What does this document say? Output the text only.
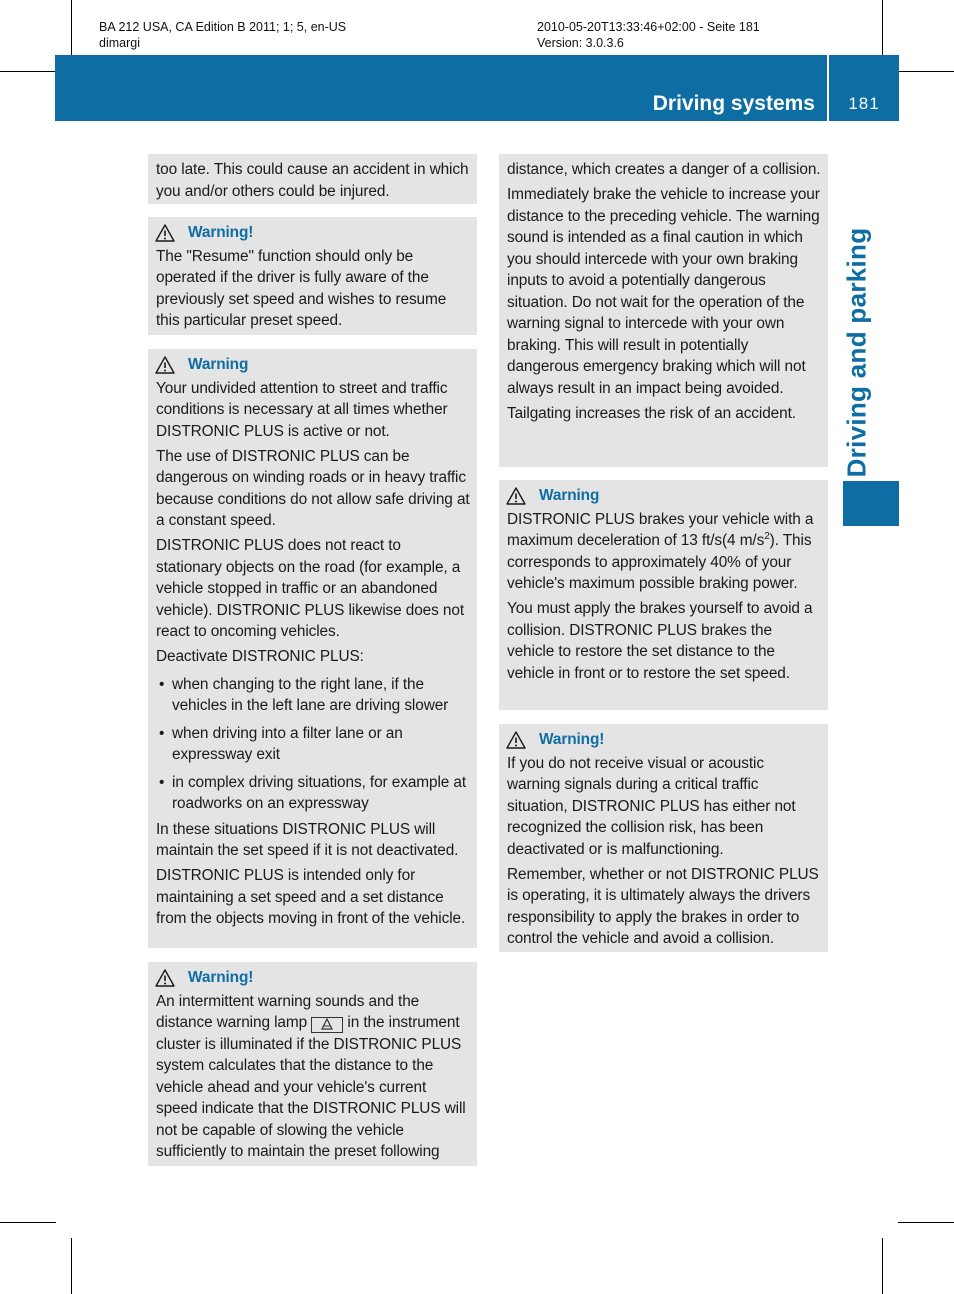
BA 212 USA, CA Edition B 2011; 1; 5, en-US
dimargi
2010-05-20T13:33:46+02:00 - Seite 181
Version: 3.0.3.6
Driving systems	181
Driving and parking

too late. This could cause an accident in which you and/or others could be injured.

Warning!

The "Resume" function should only be operated if the driver is fully aware of the previously set speed and wishes to resume this particular preset speed.

Warning

Your undivided attention to street and traffic conditions is necessary at all times whether DISTRONIC PLUS is active or not.

The use of DISTRONIC PLUS can be dangerous on winding roads or in heavy traffic because conditions do not allow safe driving at a constant speed.

DISTRONIC PLUS does not react to stationary objects on the road (for example, a vehicle stopped in traffic or an abandoned vehicle). DISTRONIC PLUS likewise does not react to oncoming vehicles.

Deactivate DISTRONIC PLUS:

• when changing to the right lane, if the vehicles in the left lane are driving slower
• when driving into a filter lane or an expressway exit
• in complex driving situations, for example at roadworks on an expressway

In these situations DISTRONIC PLUS will maintain the set speed if it is not deactivated.

DISTRONIC PLUS is intended only for maintaining a set speed and a set distance from the objects moving in front of the vehicle.

Warning!

An intermittent warning sounds and the distance warning lamp	in the instrument cluster is illuminated if the DISTRONIC PLUS system calculates that the distance to the vehicle ahead and your vehicle's current speed indicate that the DISTRONIC PLUS will not be capable of slowing the vehicle sufficiently to maintain the preset following

distance, which creates a danger of a collision.

Immediately brake the vehicle to increase your distance to the preceding vehicle. The warning sound is intended as a final caution in which you should intercede with your own braking inputs to avoid a potentially dangerous situation. Do not wait for the operation of the warning signal to intercede with your own braking. This will result in potentially dangerous emergency braking which will not always result in an impact being avoided.

Tailgating increases the risk of an accident.

Warning

DISTRONIC PLUS brakes your vehicle with a maximum deceleration of 13 ft/s(4 $m/s^2$). This corresponds to approximately 40% of your vehicle's maximum possible braking power.

You must apply the brakes yourself to avoid a collision. DISTRONIC PLUS brakes the vehicle to restore the set distance to the vehicle in front or to restore the set speed.

Warning!

If you do not receive visual or acoustic warning signals during a critical traffic situation, DISTRONIC PLUS has either not recognized the collision risk, has been deactivated or is malfunctioning.

Remember, whether or not DISTRONIC PLUS is operating, it is ultimately always the drivers responsibility to apply the brakes in order to control the vehicle and avoid a collision.
